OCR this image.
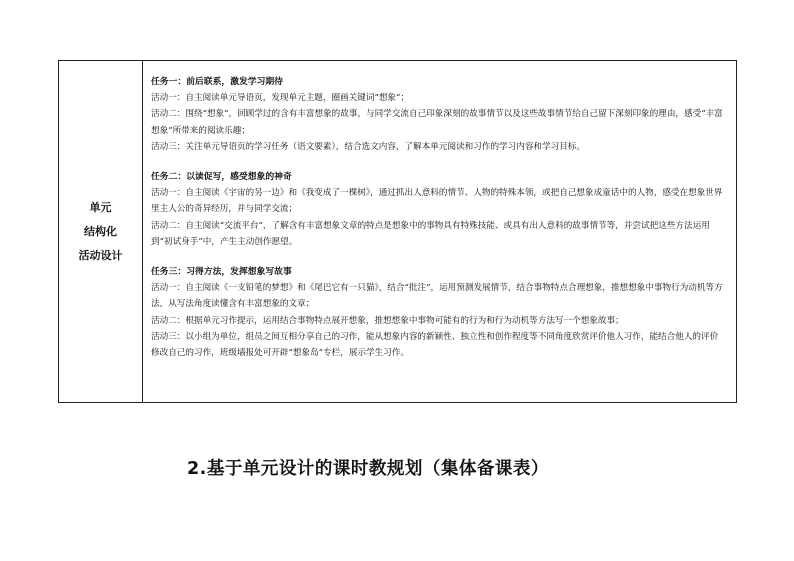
单元
结构化
活动设计
任务一：前后联系，激发学习期待
活动一：自主阅读单元导语页，发现单元主题，圈画关键词“想象”；
活动二：围绕“想象”，回顾学过的含有丰富想象的故事，与同学交流自己印象深刻的故事情节以及这些故事情节给自己留下深刻印象的理由，感受“丰富想象”所带来的阅读乐趣；
活动三：关注单元导语页的学习任务（语文要素），结合选文内容，了解本单元阅读和习作的学习内容和学习目标。
任务二：以读促写，感受想象的神奇
活动一：自主阅读《宇宙的另一边》和《我变成了一棵树》，通过抓出人意料的情节、人物的特殊本领，或把自己想象成童话中的人物，感受在想象世界里主人公的奇异经历，并与同学交流；
活动二：自主阅读“交流平台”，了解含有丰富想象文章的特点是想象中的事物具有特殊技能、或具有出人意料的故事情节等，并尝试把这些方法运用到“初试身手”中，产生主动创作愿望。
任务三：习得方法，发挥想象写故事
活动一：自主阅读《一支铅笔的梦想》和《尾巴它有一只猫》，结合“批注”，运用预测发展情节，结合事物特点合理想象，推想想象中事物行为动机等方法，从写法角度读懂含有丰富想象的文章；
活动二：根据单元习作提示，运用结合事物特点展开想象，推想想象中事物可能有的行为和行为动机等方法写一个想象故事；
活动三：以小组为单位，组员之间互相分享自己的习作，能从想象内容的新颖性、独立性和创作程度等不同角度欣赏评价他人习作，能结合他人的评价修改自己的习作，班级墙报处可开辟“想象岛”专栏，展示学生习作。
2.基于单元设计的课时教规划（集体备课表）
